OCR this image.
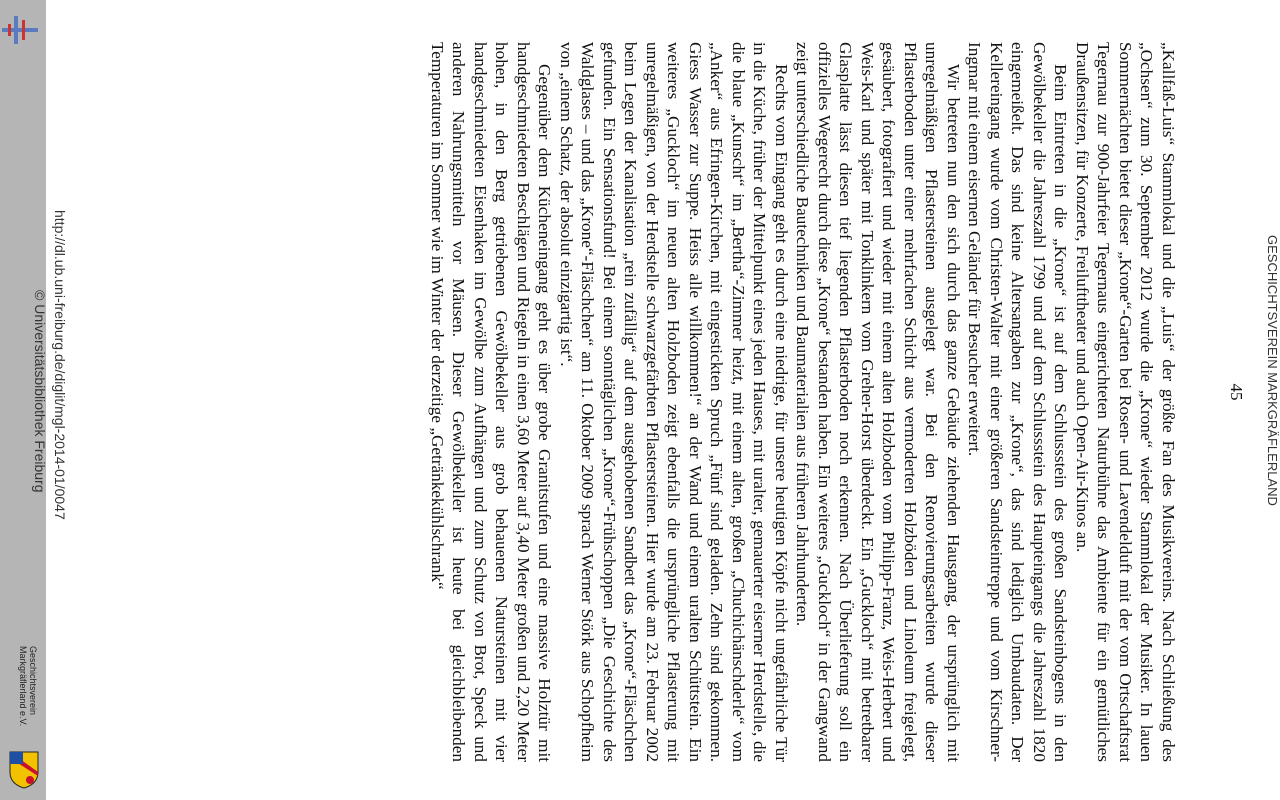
GESCHICHTSVEREIN MARKGRÄFLERLAND

„Kallfaß-Luis“ Stammlokal und die „Luis“ der größte Fan des Musikvereins. Nach Schließung des „Ochsen“ zum 30. September 2012 wurde die „Krone“ wieder Stammlokal der Musiker. In lauen Sommernächten bietet dieser „Krone“-Garten bei Rosen- und Lavendelduft mit der vom Ortschaftsrat Tegernau zur 900-Jahrfeier Tegernaus eingerichteten Naturbühne das Ambiente für ein gemütliches Draußensitzen, für Konzerte, Freilufttheater und auch Open-Air-Kinos an.

Beim Eintreten in die „Krone“ ist auf dem Schlussstein des großen Sandsteinbogens in den Gewölbekeller die Jahreszahl 1799 und auf dem Schlussstein des Haupteingangs die Jahreszahl 1820 eingemeißelt. Das sind keine Altersangaben zur „Krone“, das sind lediglich Umbaudaten. Der Kellereingang wurde vom Christen-Walter mit einer größeren Sandsteintreppe und vom Kirschner-Ingmar mit einem eisernen Geländer für Besucher erweitert.

Wir betreten nun den sich durch das ganze Gebäude ziehenden Hausgang, der ursprünglich mit unregelmäßigen Pflastersteinen ausgelegt war. Bei den Renovierungsarbeiten wurde dieser Pflasterboden unter einer mehrfachen Schicht aus vermoderten Holzböden und Linoleum freigelegt, gesäubert, fotografiert und wieder mit einem alten Holzboden vom Philipp-Franz, Weis-Herbert und Weis-Karl und später mit Tonklinkern vom Greher-Horst überdeckt. Ein „Guckloch“ mit betretbarer Glasplatte lässt diesen tief liegenden Pflasterboden noch erkennen. Nach Überlieferung soll ein offizielles Wegerecht durch diese „Krone“ bestanden haben. Ein weiteres „Guckloch“ in der Gangwand zeigt unterschiedliche Bautechniken und Baumaterialien aus früheren Jahrhunderten.

Rechts vom Eingang geht es durch eine niedrige, für unsere heutigen Köpfe nicht ungefährliche Tür in die Küche, früher der Mittelpunkt eines jeden Hauses, mit uralter, gemauerter eiserner Herdstelle, die die blaue „Kunscht“ im „Bertha“-Zimmer heizt, mit einem alten, großen „Chuchichänschderle“ vom „Anker“ aus Efringen-Kirchen, mit eingestickten Spruch „Fünf sind geladen. Zehn sind gekommen. Giess Wasser zur Suppe. Heiss alle willkommen!“ an der Wand und einem uralten Schüttstein. Ein weiteres „Guckloch“ im neuen alten Holzboden zeigt ebenfalls die ursprüngliche Pflasterung mit unregelmäßigen, von der Herdstelle schwarzgefärbten Pflastersteinen. Hier wurde am 23. Februar 2002 beim Legen der Kanalisation „rein zufällig“ auf dem ausgehobenen Sandbett das „Krone“-Fläschchen gefunden. Ein Sensationsfund! Bei einem sonntäglichen „Krone“-Frühschoppen „Die Geschichte des Waldglases – und das „Krone“-Fläschchen“ am 11. Oktober 2009 sprach Werner Störk aus Schopfheim von „einem Schatz, der absolut einzigartig ist“.

Gegenüber dem Kücheneingang geht es über grobe Granitstufen und eine massive Holztür mit handgeschmiedeten Beschlägen und Riegeln in einen 3,60 Meter auf 3,40 Meter großen und 2,20 Meter hohen, in den Berg getriebenen Gewölbekeller aus grob behauenen Natursteinen mit vier handgeschmiedeten Eisenhaken im Gewölbe zum Aufhängen und zum Schutz von Brot, Speck und anderen Nahrungsmitteln vor Mäusen. Dieser Gewölbekeller ist heute bei gleichbleibenden Temperaturen im Sommer wie im Winter der derzeitige „Getränkekühlschrank“	45
http://dl.ub.uni-freiburg.de/diglit/mgl-2014-01/0047
© Universitätsbibliothek Freiburg
Geschichtsverein
Markgräflerland e.V.
